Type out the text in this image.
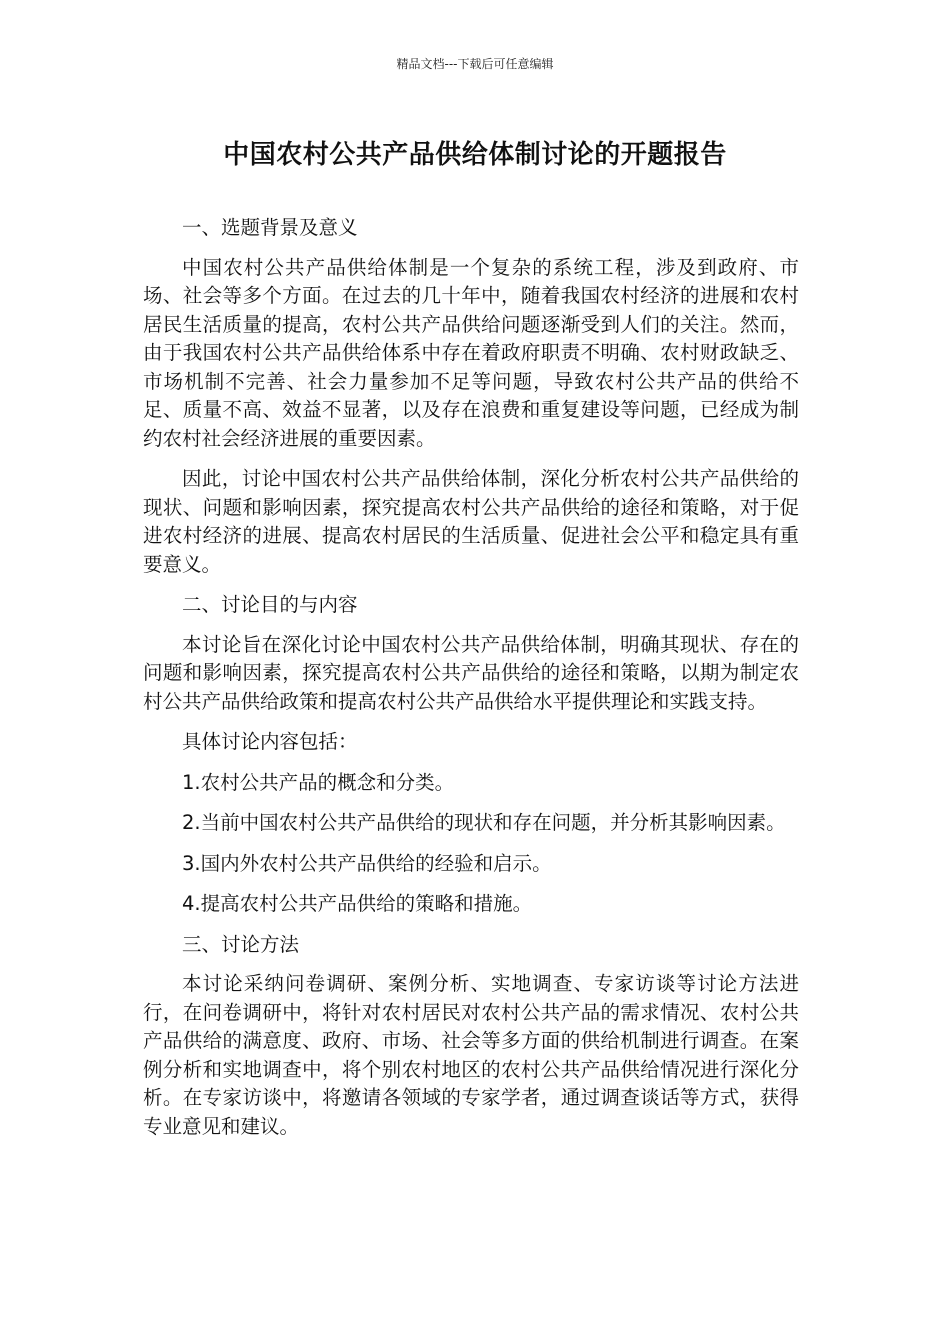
精品文档---下载后可任意编辑
中国农村公共产品供给体制讨论的开题报告

一、选题背景及意义

中国农村公共产品供给体制是一个复杂的系统工程，涉及到政府、市场、社会等多个方面。在过去的几十年中，随着我国农村经济的进展和农村居民生活质量的提高，农村公共产品供给问题逐渐受到人们的关注。然而，由于我国农村公共产品供给体系中存在着政府职责不明确、农村财政缺乏、市场机制不完善、社会力量参加不足等问题，导致农村公共产品的供给不足、质量不高、效益不显著，以及存在浪费和重复建设等问题，已经成为制约农村社会经济进展的重要因素。

因此，讨论中国农村公共产品供给体制，深化分析农村公共产品供给的现状、问题和影响因素，探究提高农村公共产品供给的途径和策略，对于促进农村经济的进展、提高农村居民的生活质量、促进社会公平和稳定具有重要意义。

二、讨论目的与内容

本讨论旨在深化讨论中国农村公共产品供给体制，明确其现状、存在的问题和影响因素，探究提高农村公共产品供给的途径和策略，以期为制定农村公共产品供给政策和提高农村公共产品供给水平提供理论和实践支持。

具体讨论内容包括：

1.农村公共产品的概念和分类。

2.当前中国农村公共产品供给的现状和存在问题，并分析其影响因素。

3.国内外农村公共产品供给的经验和启示。

4.提高农村公共产品供给的策略和措施。

三、讨论方法

本讨论采纳问卷调研、案例分析、实地调查、专家访谈等讨论方法进行，在问卷调研中，将针对农村居民对农村公共产品的需求情况、农村公共产品供给的满意度、政府、市场、社会等多方面的供给机制进行调查。在案例分析和实地调查中，将个别农村地区的农村公共产品供给情况进行深化分析。在专家访谈中，将邀请各领域的专家学者，通过调查谈话等方式，获得专业意见和建议。
